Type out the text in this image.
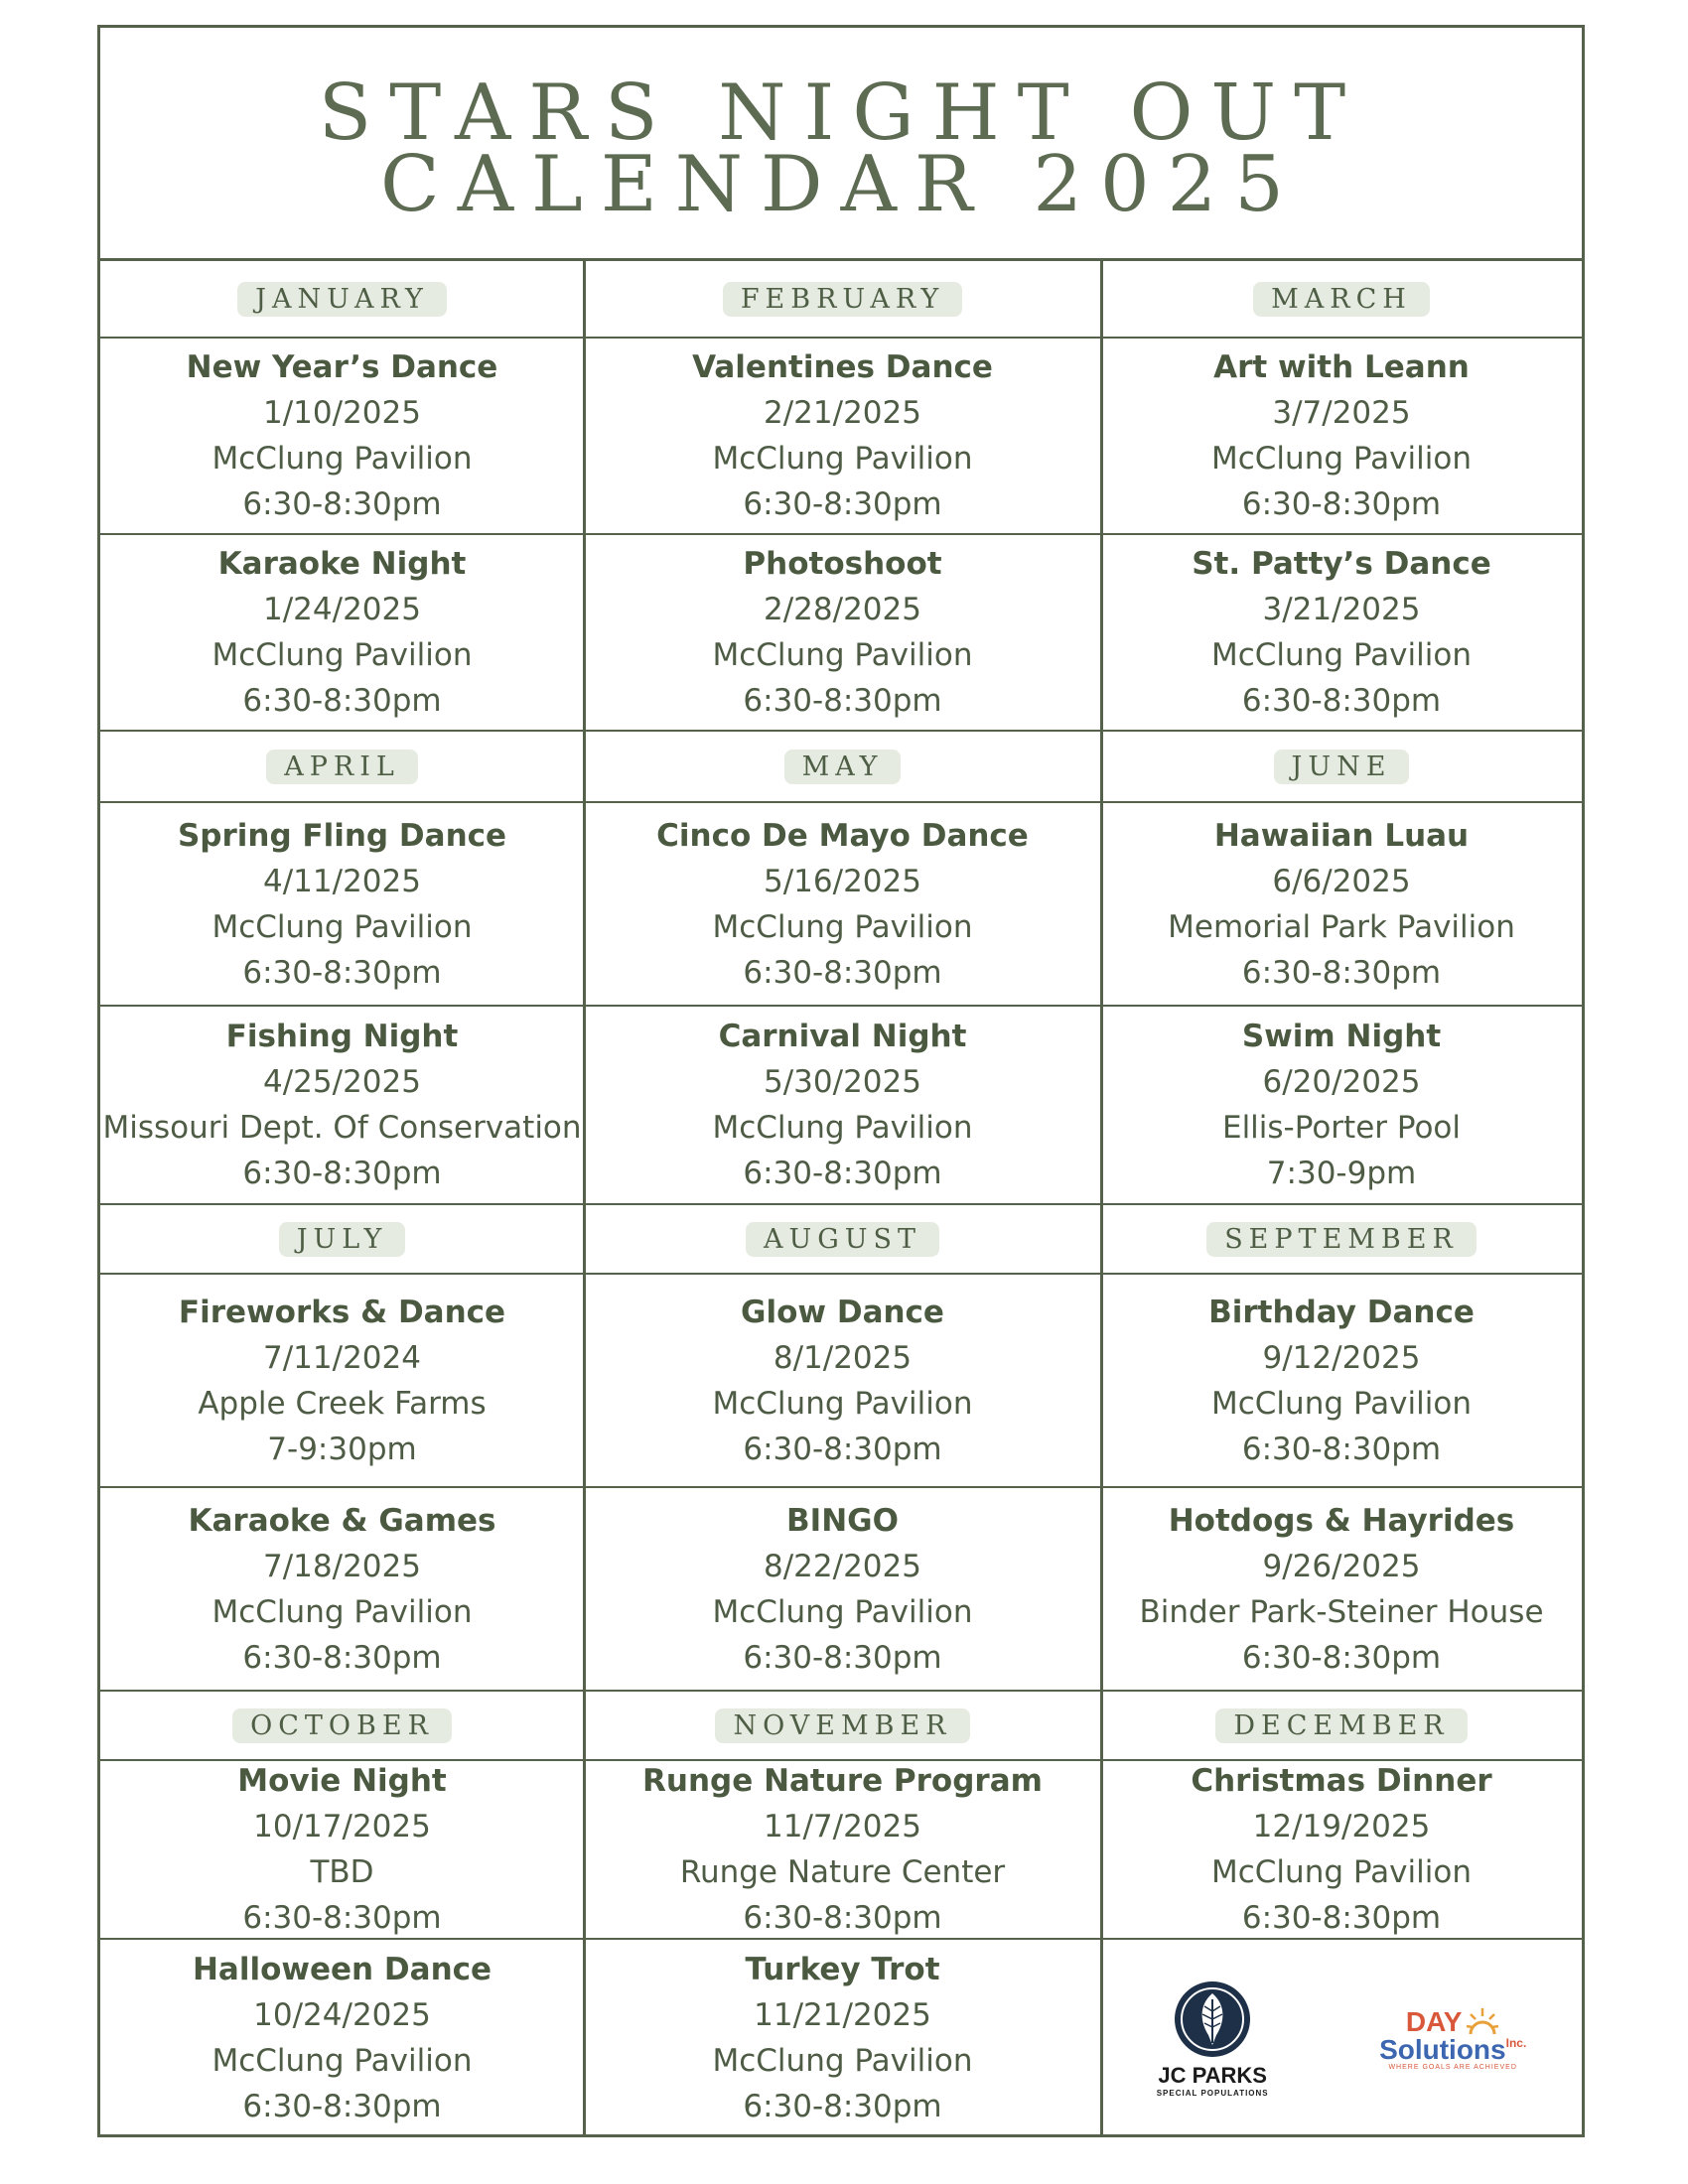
STARS NIGHT OUT
CALENDAR 2025
JANUARY
New Year’s Dance
1/10/2025
McClung Pavilion
6:30-8:30pm
Karaoke Night
1/24/2025
McClung Pavilion
6:30-8:30pm
FEBRUARY
Valentines Dance
2/21/2025
McClung Pavilion
6:30-8:30pm
Photoshoot
2/28/2025
McClung Pavilion
6:30-8:30pm
MARCH
Art with Leann
3/7/2025
McClung Pavilion
6:30-8:30pm
St. Patty’s Dance
3/21/2025
McClung Pavilion
6:30-8:30pm
APRIL
Spring Fling Dance
4/11/2025
McClung Pavilion
6:30-8:30pm
Fishing Night
4/25/2025
Missouri Dept. Of Conservation
6:30-8:30pm
MAY
Cinco De Mayo Dance
5/16/2025
McClung Pavilion
6:30-8:30pm
Carnival Night
5/30/2025
McClung Pavilion
6:30-8:30pm
JUNE
Hawaiian Luau
6/6/2025
Memorial Park Pavilion
6:30-8:30pm
Swim Night
6/20/2025
Ellis-Porter Pool
7:30-9pm
JULY
Fireworks & Dance
7/11/2024
Apple Creek Farms
7-9:30pm
Karaoke & Games
7/18/2025
McClung Pavilion
6:30-8:30pm
AUGUST
Glow Dance
8/1/2025
McClung Pavilion
6:30-8:30pm
BINGO
8/22/2025
McClung Pavilion
6:30-8:30pm
SEPTEMBER
Birthday Dance
9/12/2025
McClung Pavilion
6:30-8:30pm
Hotdogs & Hayrides
9/26/2025
Binder Park-Steiner House
6:30-8:30pm
OCTOBER
Movie Night
10/17/2025
TBD
6:30-8:30pm
Halloween Dance
10/24/2025
McClung Pavilion
6:30-8:30pm
NOVEMBER
Runge Nature Program
11/7/2025
Runge Nature Center
6:30-8:30pm
Turkey Trot
11/21/2025
McClung Pavilion
6:30-8:30pm
DECEMBER
Christmas Dinner
12/19/2025
McClung Pavilion
6:30-8:30pm
JC PARKS
SPECIAL POPULATIONS
DAY
Solutions Inc.
WHERE GOALS ARE ACHIEVED
